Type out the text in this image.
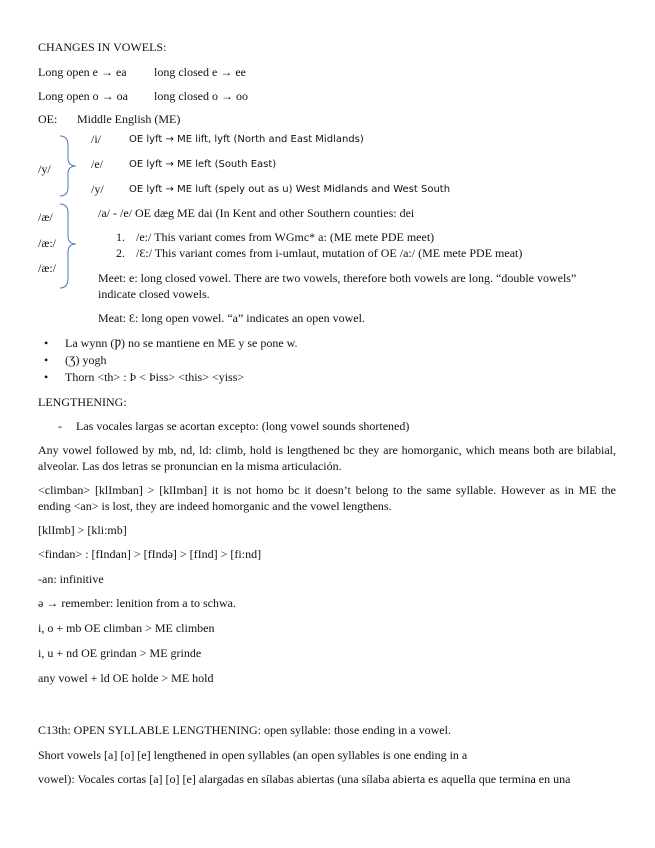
CHANGES IN VOWELS:
Long open e → ea long closed e → ee
Long open o → oa long closed o → oo
OE: Middle English (ME)
/y/
/i/	OE lyft → ME lift, lyft (North and East Midlands)
/e/	OE lyft → ME left (South East)
/y/	OE lyft → ME luft (spely out as u) West Midlands and West South
/æ/
/æ:/
/æ:/
/a/ - /e/ OE dæg ME dai (In Kent and other Southern counties: dei
1. /e:/ This variant comes from WGmc* a: (ME mete PDE meet)
2. /Ɛ:/ This variant comes from i-umlaut, mutation of OE /a:/ (ME mete PDE meat)
Meet: e: long closed vowel. There are two vowels, therefore both vowels are long. “double vowels”
indicate closed vowels.
Meat: Ɛ: long open vowel. “a” indicates an open vowel.
• La wynn (Ƿ) no se mantiene en ME y se pone w.
• (Ʒ) yogh
• Thorn <th> : Þ < Þiss> <this> <yiss>
LENGTHENING:
- Las vocales largas se acortan excepto: (long vowel sounds shortened)
Any vowel followed by mb, nd, ld: climb, hold is lengthened bc they are homorganic, which means both are bilabial, alveolar. Las dos letras se pronuncian en la misma articulación.
<climban> [klImban] > [klImban] it is not homo bc it doesn’t belong to the same syllable. However as in ME the ending <an> is lost, they are indeed homorganic and the vowel lengthens.
[klImb] > [kli:mb]
<findan> : [fIndan] > [fIndə] > [fInd] > [fi:nd]
-an: infinitive
ə → remember: lenition from a to schwa.
i, o + mb OE climban > ME climben
i, u + nd OE grindan > ME grinde
any vowel + ld OE holde > ME hold
C13th: OPEN SYLLABLE LENGTHENING: open syllable: those ending in a vowel.
Short vowels [a] [o] [e] lengthened in open syllables (an open syllables is one ending in a
vowel): Vocales cortas [a] [o] [e] alargadas en sílabas abiertas (una sílaba abierta es aquella que termina en una
